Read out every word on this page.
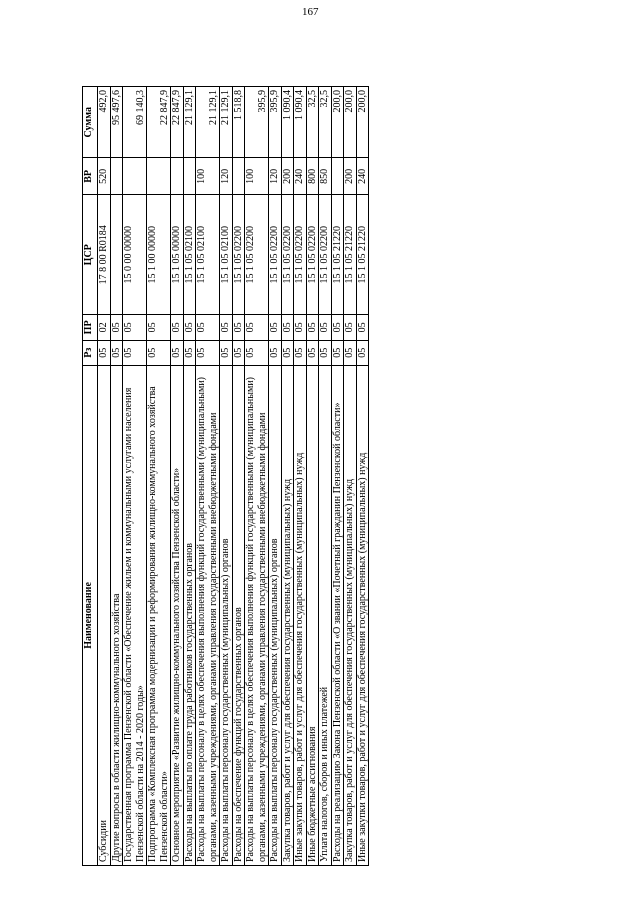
167
Наименование	Рз	ПР	ЦСР	ВР	Сумма
Субсидии	05	02	17 8 00 R0184	520	492,0
Другие вопросы в области жилищно-коммунального хозяйства	05	05			95 497,6
Государственная программа Пензенской области «Обеспечение жильем и коммунальными услугами населения Пензенской области на 2014 - 2020 годы»	05	05	15 0 00 00000		69 140,3
Подпрограмма «Комплексная программа модернизации и реформирования жилищно-коммунального хозяйства Пензенской области»	05	05	15 1 00 00000		22 847,9
Основное мероприятие «Развитие жилищно-коммунального хозяйства Пензенской области»	05	05	15 1 05 00000		22 847,9
Расходы на выплаты по оплате труда работников государственных органов	05	05	15 1 05 02100		21 129,1
Расходы на выплаты персоналу в целях обеспечения выполнения функций государственными (муниципальными) органами, казенными учреждениями, органами управления государственными внебюджетными фондами	05	05	15 1 05 02100	100	21 129,1
Расходы на выплаты персоналу государственных (муниципальных) органов	05	05	15 1 05 02100	120	21 129,1
Расходы на обеспечение функций государственных органов	05	05	15 1 05 02200		1 518,8
Расходы на выплаты персоналу в целях обеспечения выполнения функций государственными (муниципальными) органами, казенными учреждениями, органами управления государственными внебюджетными фондами	05	05	15 1 05 02200	100	395,9
Расходы на выплаты персоналу государственных (муниципальных) органов	05	05	15 1 05 02200	120	395,9
Закупка товаров, работ и услуг для обеспечения государственных (муниципальных) нужд	05	05	15 1 05 02200	200	1 090,4
Иные закупки товаров, работ и услуг для обеспечения государственных (муниципальных) нужд	05	05	15 1 05 02200	240	1 090,4
Иные бюджетные ассигнования	05	05	15 1 05 02200	800	32,5
Уплата налогов, сборов и иных платежей	05	05	15 1 05 02200	850	32,5
Расходы на реализацию Закона Пензенской области «О звании «Почетный гражданин Пензенской области»	05	05	15 1 05 21220		200,0
Закупка товаров, работ и услуг для обеспечения государственных (муниципальных) нужд	05	05	15 1 05 21220	200	200,0
Иные закупки товаров, работ и услуг для обеспечения государственных (муниципальных) нужд	05	05	15 1 05 21220	240	200,0
